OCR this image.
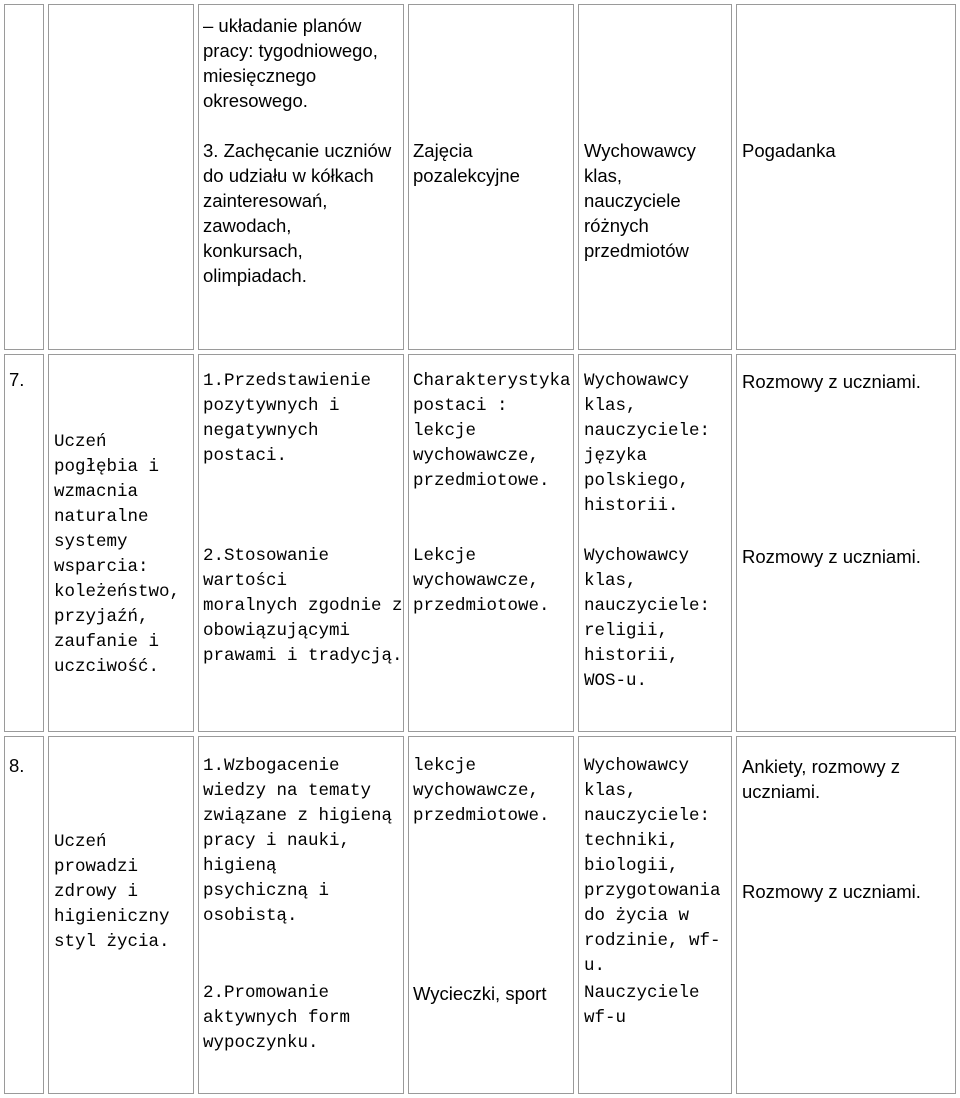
– układanie planów
pracy: tygodniowego,
miesięcznego
okresowego.

3. Zachęcanie uczniów
do udziału w kółkach
zainteresowań,
zawodach,
konkursach,
olimpiadach.
Zajęcia
pozalekcyjne
Wychowawcy
klas,
nauczyciele
różnych
przedmiotów
Pogadanka
7.
Uczeń
pogłębia i
wzmacnia
naturalne
systemy
wsparcia:
koleżeństwo,
przyjaźń,
zaufanie i
uczciwość.
1.Przedstawienie
pozytywnych i
negatywnych postaci.
2.Stosowanie wartości
moralnych zgodnie z
obowiązującymi
prawami i tradycją.
Charakterystyka
postaci : lekcje
wychowawcze,
przedmiotowe.
Lekcje
wychowawcze,
przedmiotowe.
Wychowawcy
klas,
nauczyciele:
języka
polskiego,
historii.
Wychowawcy
klas,
nauczyciele:
religii, historii,
WOS-u.
Rozmowy z uczniami.
Rozmowy z uczniami.
8.
Uczeń
prowadzi
zdrowy i
higieniczny
styl życia.
1.Wzbogacenie
wiedzy na tematy
związane z higieną
pracy i nauki, higieną
psychiczną i osobistą.
2.Promowanie
aktywnych form
wypoczynku.
lekcje
wychowawcze,
przedmiotowe.
Wycieczki, sport
Wychowawcy
klas,
nauczyciele:
techniki,
biologii,
przygotowania
do życia w
rodzinie, wf-u.
Nauczyciele
wf-u
Ankiety, rozmowy z
uczniami.
Rozmowy z uczniami.
